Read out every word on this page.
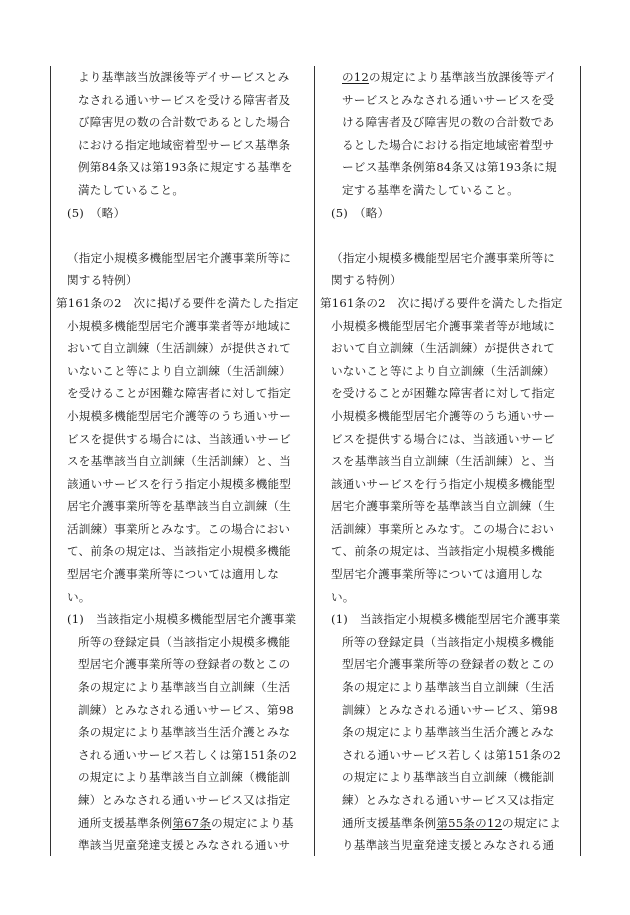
より基準該当放課後等デイサービスとみ
なされる通いサービスを受ける障害者及
び障害児の数の合計数であるとした場合
における指定地域密着型サービス基準条
例第84条又は第193条に規定する基準を
満たしていること。
(5)　（略）
（指定小規模多機能型居宅介護事業所等に
関する特例）
第161条の2　次に掲げる要件を満たした指定
小規模多機能型居宅介護事業者等が地域に
おいて自立訓練（生活訓練）が提供されて
いないこと等により自立訓練（生活訓練）
を受けることが困難な障害者に対して指定
小規模多機能型居宅介護等のうち通いサー
ビスを提供する場合には、当該通いサービ
スを基準該当自立訓練（生活訓練）と、当
該通いサービスを行う指定小規模多機能型
居宅介護事業所等を基準該当自立訓練（生
活訓練）事業所とみなす。この場合におい
て、前条の規定は、当該指定小規模多機能
型居宅介護事業所等については適用しな
い。
(1)　当該指定小規模多機能型居宅介護事業
所等の登録定員（当該指定小規模多機能
型居宅介護事業所等の登録者の数とこの
条の規定により基準該当自立訓練（生活
訓練）とみなされる通いサービス、第98
条の規定により基準該当生活介護とみな
される通いサービス若しくは第151条の2
の規定により基準該当自立訓練（機能訓
練）とみなされる通いサービス又は指定
通所支援基準条例第67条の規定により基
準該当児童発達支援とみなされる通いサ
の12の規定により基準該当放課後等デイ
サービスとみなされる通いサービスを受
ける障害者及び障害児の数の合計数であ
るとした場合における指定地域密着型サ
ービス基準条例第84条又は第193条に規
定する基準を満たしていること。
(5)　（略）
（指定小規模多機能型居宅介護事業所等に
関する特例）
第161条の2　次に掲げる要件を満たした指定
小規模多機能型居宅介護事業者等が地域に
おいて自立訓練（生活訓練）が提供されて
いないこと等により自立訓練（生活訓練）
を受けることが困難な障害者に対して指定
小規模多機能型居宅介護等のうち通いサー
ビスを提供する場合には、当該通いサービ
スを基準該当自立訓練（生活訓練）と、当
該通いサービスを行う指定小規模多機能型
居宅介護事業所等を基準該当自立訓練（生
活訓練）事業所とみなす。この場合におい
て、前条の規定は、当該指定小規模多機能
型居宅介護事業所等については適用しな
い。
(1)　当該指定小規模多機能型居宅介護事業
所等の登録定員（当該指定小規模多機能
型居宅介護事業所等の登録者の数とこの
条の規定により基準該当自立訓練（生活
訓練）とみなされる通いサービス、第98
条の規定により基準該当生活介護とみな
される通いサービス若しくは第151条の2
の規定により基準該当自立訓練（機能訓
練）とみなされる通いサービス又は指定
通所支援基準条例第55条の12の規定によ
り基準該当児童発達支援とみなされる通
